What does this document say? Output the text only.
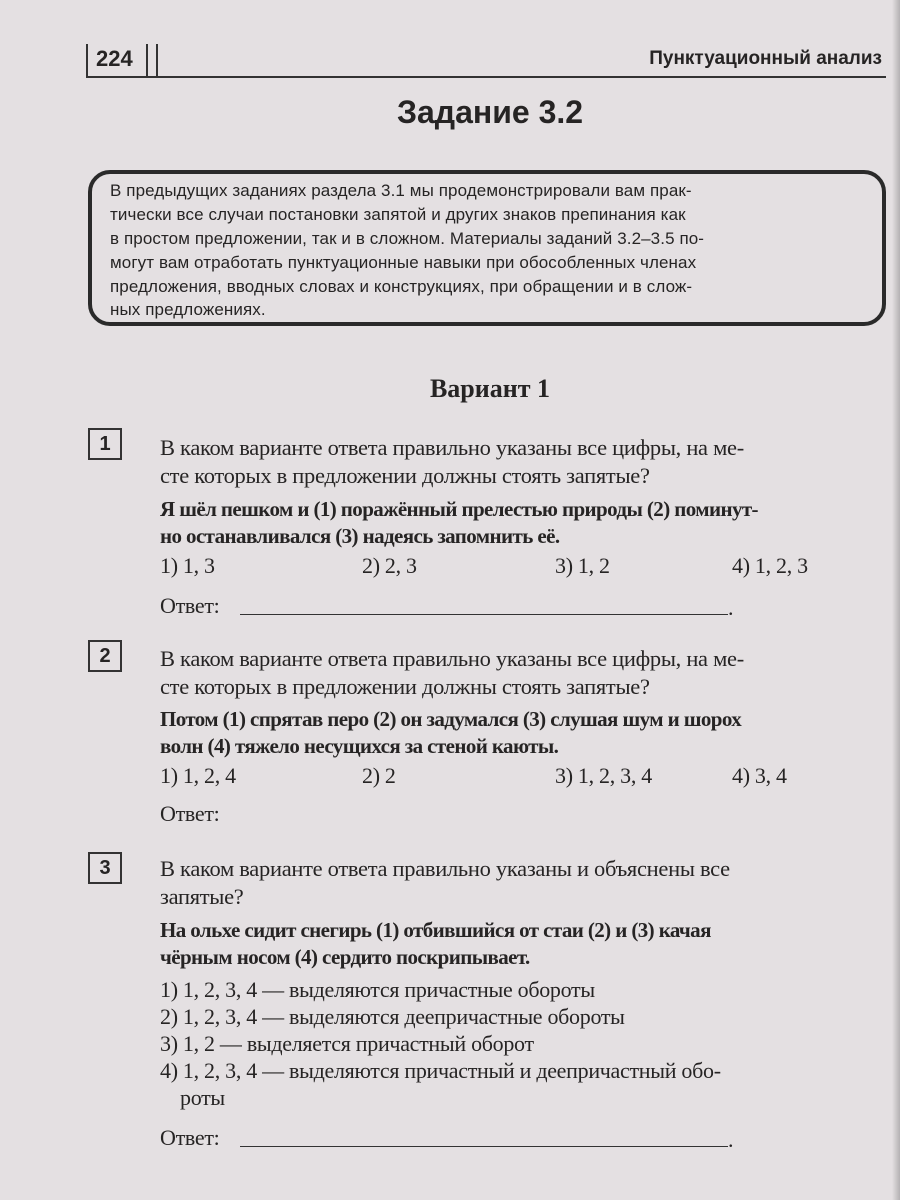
224	Пунктуационный анализ
Задание 3.2
В предыдущих заданиях раздела 3.1 мы продемонстрировали вам прак-
тически все случаи постановки запятой и других знаков препинания как
в простом предложении, так и в сложном. Материалы заданий 3.2–3.5 по-
могут вам отработать пунктуационные навыки при обособленных членах
предложения, вводных словах и конструкциях, при обращении и в слож-
ных предложениях.
Вариант 1
1	В каком варианте ответа правильно указаны все цифры, на ме-
сте которых в предложении должны стоять запятые?
Я шёл пешком и (1) поражённый прелестью природы (2) поминут-
но останавливался (3) надеясь запомнить её.
1) 1, 3	2) 2, 3	3) 1, 2	4) 1, 2, 3
Ответ:	.
2	В каком варианте ответа правильно указаны все цифры, на ме-
сте которых в предложении должны стоять запятые?
Потом (1) спрятав перо (2) он задумался (3) слушая шум и шорох
волн (4) тяжело несущихся за стеной каюты.
1) 1, 2, 4	2) 2	3) 1, 2, 3, 4	4) 3, 4
Ответ:
3	В каком варианте ответа правильно указаны и объяснены все
запятые?
На ольхе сидит снегирь (1) отбившийся от стаи (2) и (3) качая
чёрным носом (4) сердито поскрипывает.
1) 1, 2, 3, 4 — выделяются причастные обороты
2) 1, 2, 3, 4 — выделяются деепричастные обороты
3) 1, 2 — выделяется причастный оборот
4) 1, 2, 3, 4 — выделяются причастный и деепричастный обо-
роты
Ответ:	.
